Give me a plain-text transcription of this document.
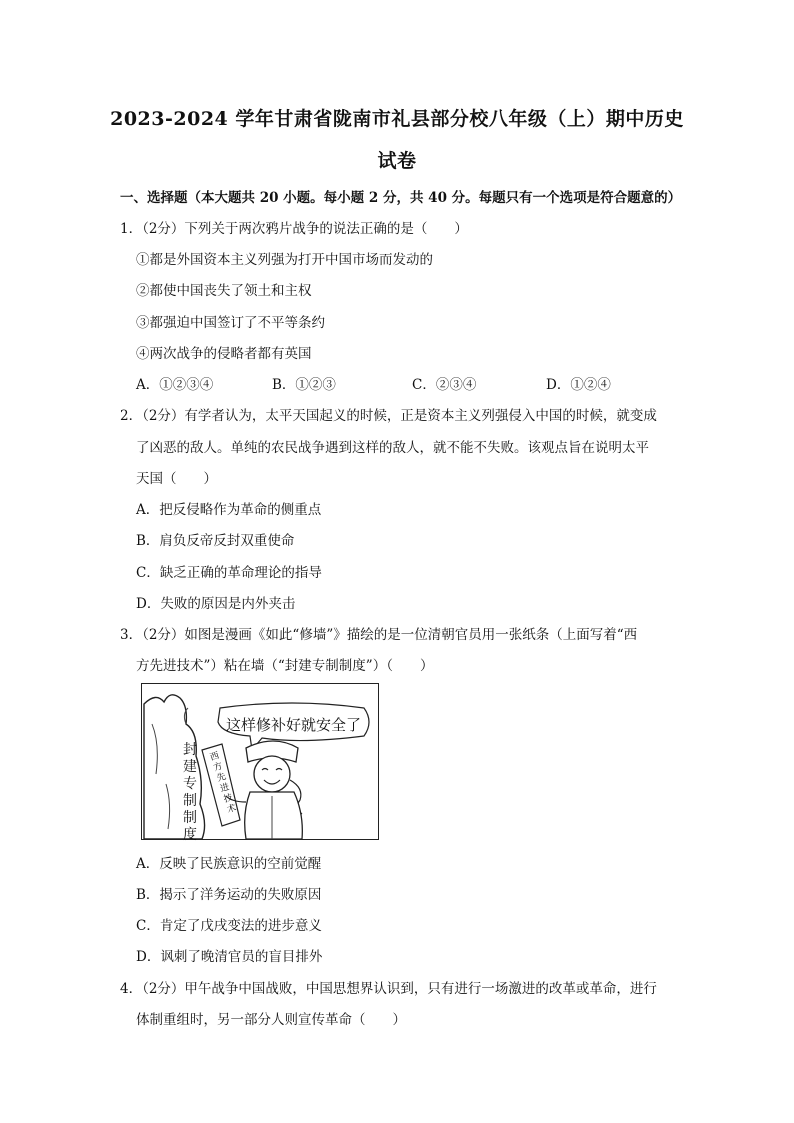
2023-2024 学年甘肃省陇南市礼县部分校八年级（上）期中历史
试卷
一、选择题（本大题共 20 小题。每小题 2 分，共 40 分。每题只有一个选项是符合题意的）
1．（2分）下列关于两次鸦片战争的说法正确的是（　　）
①都是外国资本主义列强为打开中国市场而发动的
②都使中国丧失了领土和主权
③都强迫中国签订了不平等条约
④两次战争的侵略者都有英国
A．①②③④	B．①②③	C．②③④	D．①②④
2．（2分）有学者认为，太平天国起义的时候，正是资本主义列强侵入中国的时候，就变成
了凶恶的敌人。单纯的农民战争遇到这样的敌人，就不能不失败。该观点旨在说明太平
天国（　　）
A．把反侵略作为革命的侧重点
B．肩负反帝反封双重使命
C．缺乏正确的革命理论的指导
D．失败的原因是内外夹击
3．（2分）如图是漫画《如此“修墙”》描绘的是一位清朝官员用一张纸条（上面写着“西
方先进技术”）粘在墙（“封建专制制度”）（　　）
这样修补好就安全了
封建专制制度
西方先进技术
A．反映了民族意识的空前觉醒
B．揭示了洋务运动的失败原因
C．肯定了戊戌变法的进步意义
D．讽刺了晚清官员的盲目排外
4．（2分）甲午战争中国战败，中国思想界认识到，只有进行一场激进的改革或革命，进行
体制重组时，另一部分人则宣传革命（　　）
